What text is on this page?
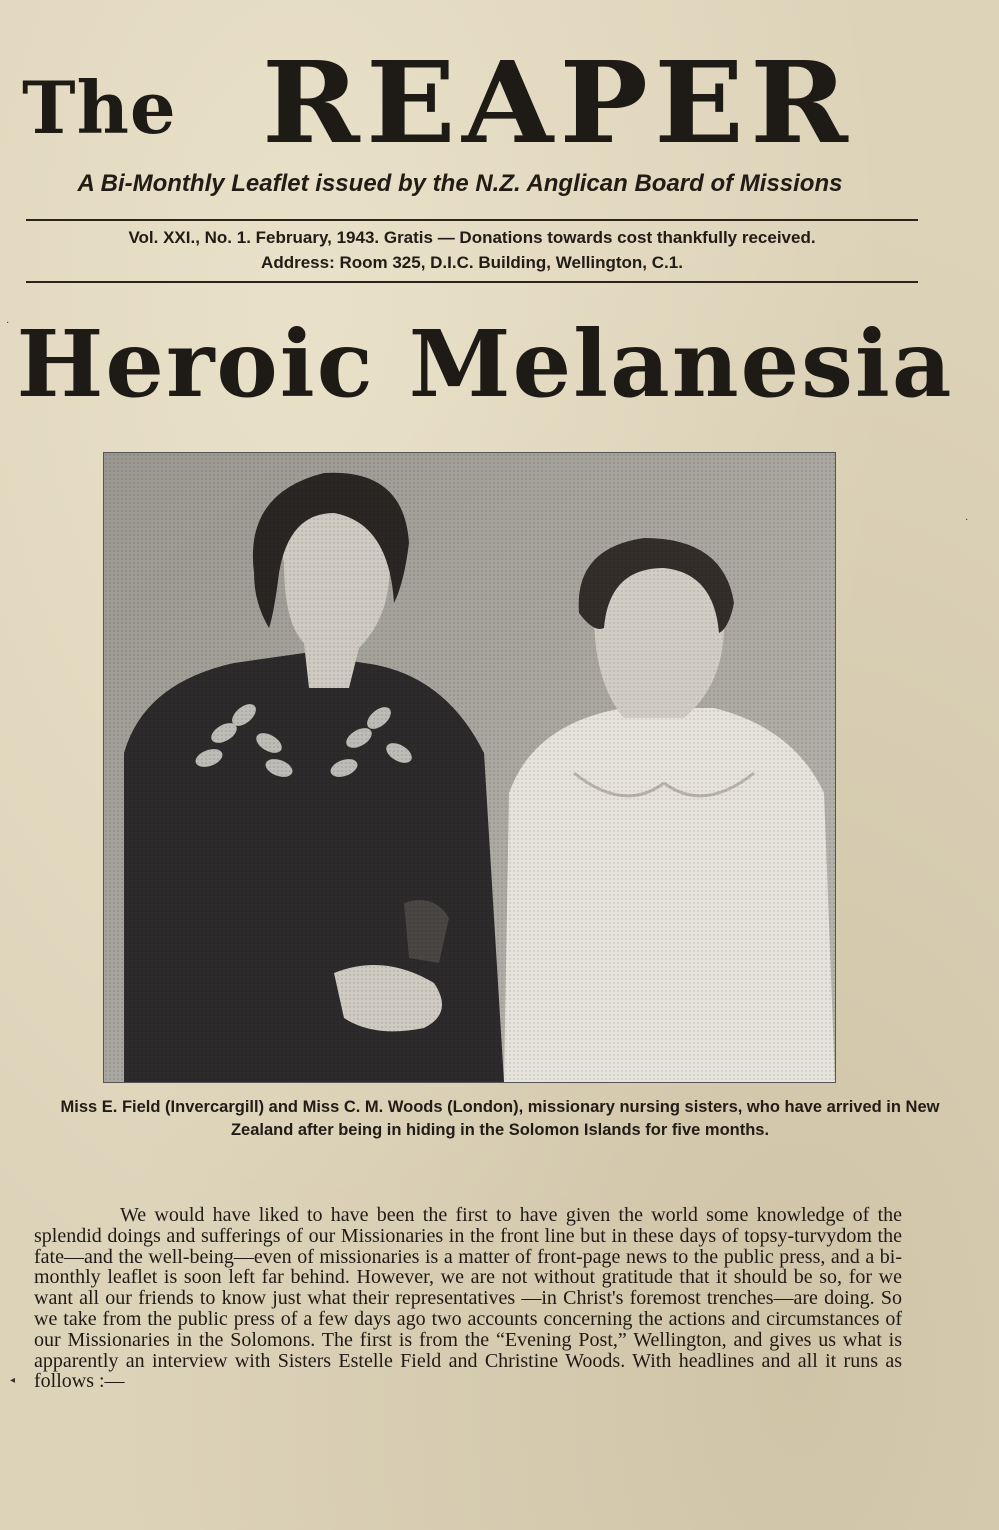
The REAPER
A Bi-Monthly Leaflet issued by the N.Z. Anglican Board of Missions
Vol. XXI., No. 1. February, 1943. Gratis — Donations towards cost thankfully received.
Address: Room 325, D.I.C. Building, Wellington, C.1.
Heroic Melanesia
Miss E. Field (Invercargill) and Miss C. M. Woods (London), missionary nursing sisters, who have arrived in New Zealand after being in hiding in the Solomon Islands for five months.
We would have liked to have been the first to have given the world some knowledge of the splendid doings and sufferings of our Missionaries in the front line but in these days of topsy-turvydom the fate—and the well-being—even of missionaries is a matter of front-page news to the public press, and a bi-monthly leaflet is soon left far behind. However, we are not without gratitude that it should be so, for we want all our friends to know just what their representatives —in Christ's foremost trenches—are doing. So we take from the public press of a few days ago two accounts concerning the actions and circumstances of our Missionaries in the Solomons. The first is from the “Evening Post,” Wellington, and gives us what is apparently an interview with Sisters Estelle Field and Christine Woods. With headlines and all it runs as follows :—
·
·
◂
